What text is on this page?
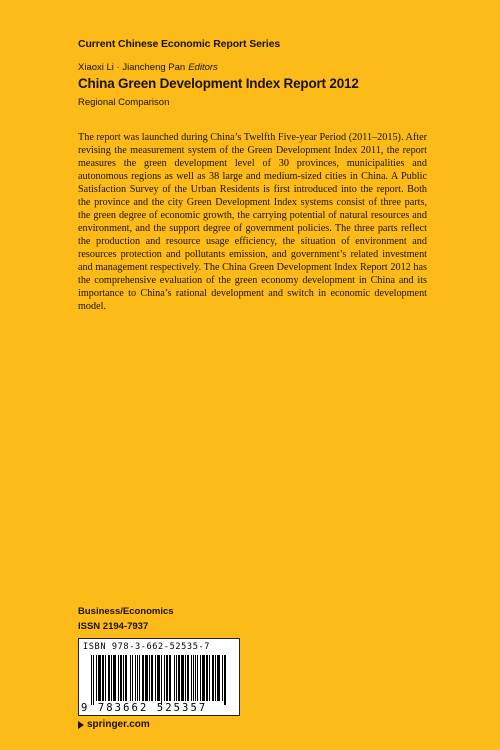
Current Chinese Economic Report Series
Xiaoxi Li · Jiancheng Pan Editors
China Green Development Index Report 2012
Regional Comparison

The report was launched during China’s Twelfth Five-year Period (2011–2015). After revising the measurement system of the Green Development Index 2011, the report measures the green development level of 30 provinces, municipalities and autonomous regions as well as 38 large and medium-sized cities in China. A Public Satisfaction Survey of the Urban Residents is first introduced into the report. Both the province and the city Green Development Index systems consist of three parts, the green degree of economic growth, the carrying potential of natural resources and environment, and the support degree of government policies. The three parts reflect the production and resource usage efficiency, the situation of environment and resources protection and pollutants emission, and government’s related investment and management respectively. The China Green Development Index Report 2012 has the comprehensive evaluation of the green economy development in China and its importance to China’s rational development and switch in economic development model.

Business/Economics
ISSN 2194-7937
ISBN 978-3-662-52535-7
9 783662 525357
springer.com
